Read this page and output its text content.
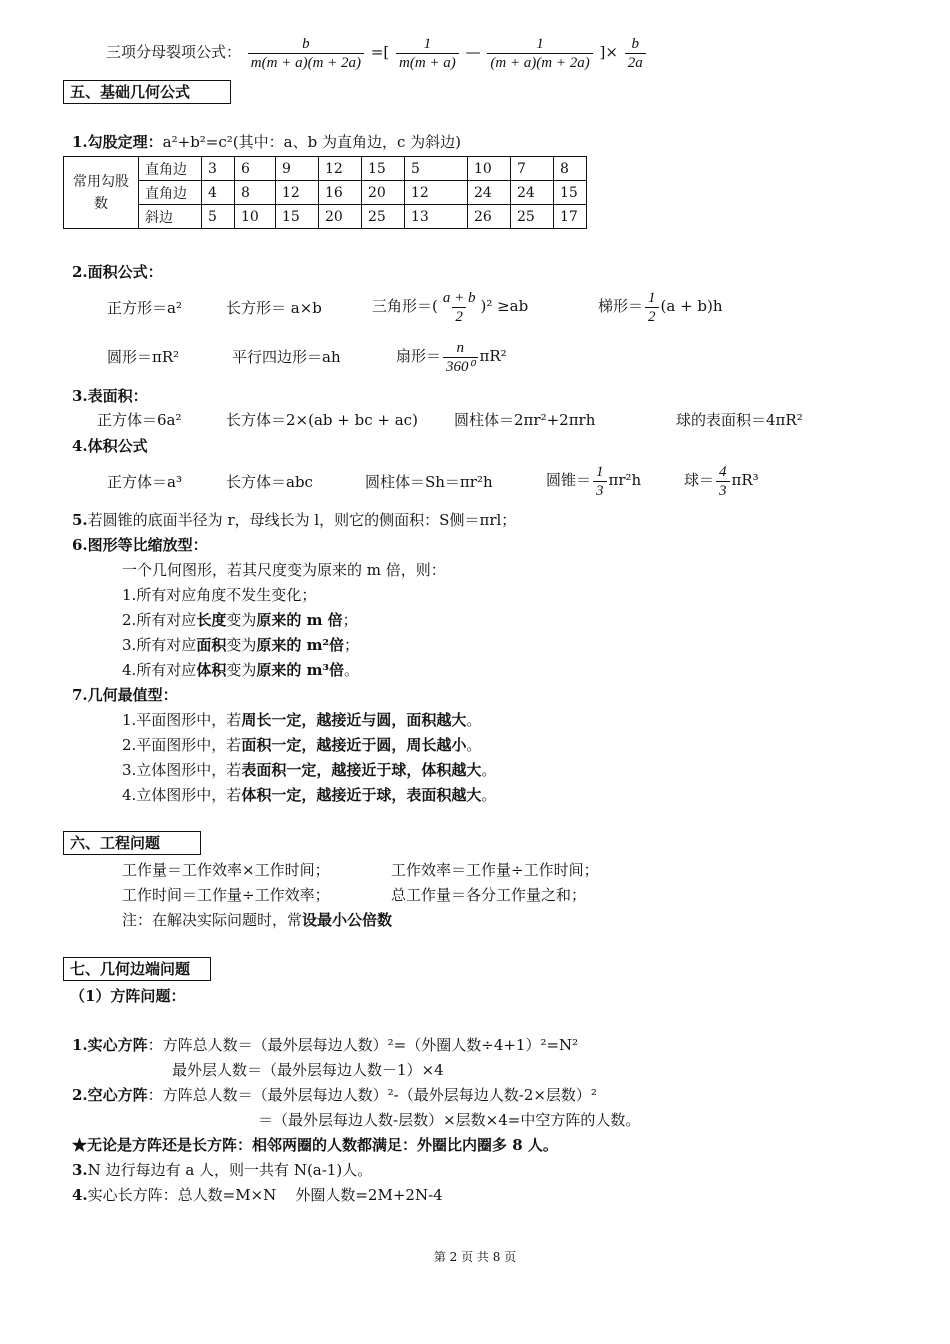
三项分母裂项公式： $\frac{b}{m(m + a)(m + 2a)}$ =[ $\frac{1}{m(m + a)}$ — $\frac{1}{(m + a)(m + 2a)}$ ]× $\frac{b}{2a}$
五、基础几何公式
1.勾股定理：a²+b²=c²(其中：a、b 为直角边，c 为斜边)
常用勾股数	直角边	3	6	9	12	15	5	10	7	8
	直角边	4	8	12	16	20	12	24	24	15
	斜边	5	10	15	20	25	13	26	25	17
2.面积公式：
正方形＝a²	长方形＝ a×b	三角形＝( $\frac{a + b}{2} )^2 \ge ab$	梯形＝ $\frac{1}{2} (a + b)h$
圆形＝πR²	平行四边形＝ah	扇形＝ $\frac{n}{\text{360⁰}} \pi R^2$
3.表面积：
正方体＝6a²	长方体＝2×(ab + bc + ac) 圆柱体＝2πr²+2πrh	球的表面积＝4πR²
4.体积公式
正方体＝a³	长方体＝abc	圆柱体＝Sh＝πr²h	圆锥＝ $\frac{1}{3} \pi r^2h$	球＝ $\frac{4}{3} \pi R^3$
5.若圆锥的底面半径为 r，母线长为 l，则它的侧面积：S侧＝πrl；
6.图形等比缩放型：
一个几何图形，若其尺度变为原来的 m 倍，则：
1.所有对应角度不发生变化；
2.所有对应长度变为原来的 m 倍；
3.所有对应面积变为原来的 m²倍；
4.所有对应体积变为原来的 m³倍。
7.几何最值型：
1.平面图形中，若周长一定，越接近与圆，面积越大。
2.平面图形中，若面积一定，越接近于圆，周长越小。
3.立体图形中，若表面积一定，越接近于球，体积越大。
4.立体图形中，若体积一定，越接近于球，表面积越大。
六、工程问题
工作量＝工作效率×工作时间；	工作效率＝工作量÷工作时间；
工作时间＝工作量÷工作效率；	总工作量＝各分工作量之和；
注：在解决实际问题时，常设最小公倍数
七、几何边端问题
（1）方阵问题：
1.实心方阵：方阵总人数＝（最外层每边人数）²=（外圈人数÷4+1）²=N²
最外层人数＝（最外层每边人数－1）×4
2.空心方阵：方阵总人数＝（最外层每边人数）²-（最外层每边人数-2×层数）²
＝（最外层每边人数-层数）×层数×4=中空方阵的人数。
★无论是方阵还是长方阵：相邻两圈的人数都满足：外圈比内圈多 8 人。
3.N 边行每边有 a 人，则一共有 N(a-1)人。
4.实心长方阵：总人数=M×N    外圈人数=2M+2N-4
第 2 页 共 8 页
